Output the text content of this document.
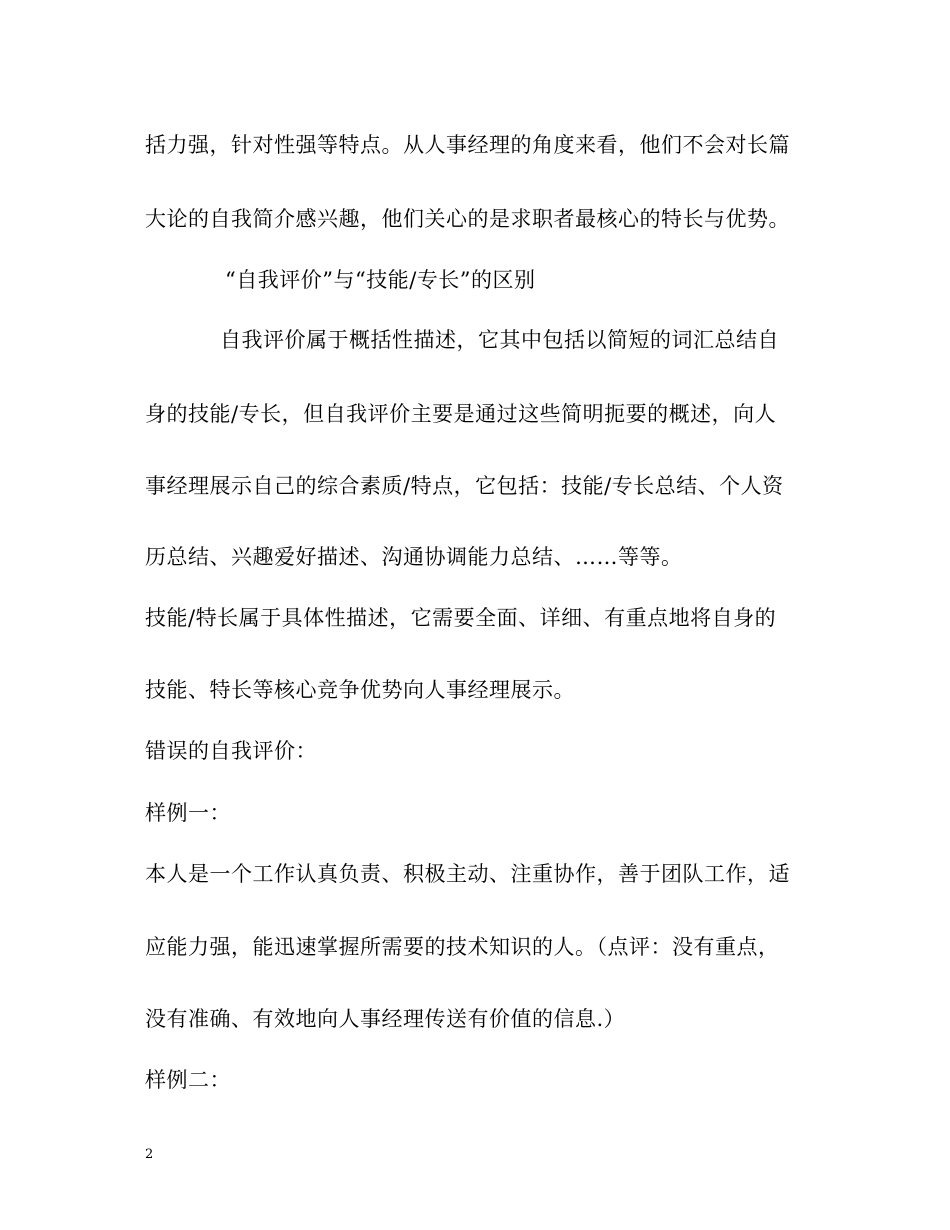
括力强，针对性强等特点。从人事经理的角度来看，他们不会对长篇
大论的自我简介感兴趣，他们关心的是求职者最核心的特长与优势。
“自我评价”与“技能/专长”的区别
自我评价属于概括性描述，它其中包括以简短的词汇总结自
身的技能/专长，但自我评价主要是通过这些简明扼要的概述，向人
事经理展示自己的综合素质/特点，它包括：技能/专长总结、个人资
历总结、兴趣爱好描述、沟通协调能力总结、……等等。
技能/特长属于具体性描述，它需要全面、详细、有重点地将自身的
技能、特长等核心竞争优势向人事经理展示。
错误的自我评价：
样例一：
本人是一个工作认真负责、积极主动、注重协作，善于团队工作，适
应能力强，能迅速掌握所需要的技术知识的人。（点评：没有重点，
没有准确、有效地向人事经理传送有价值的信息.）
样例二：
2
